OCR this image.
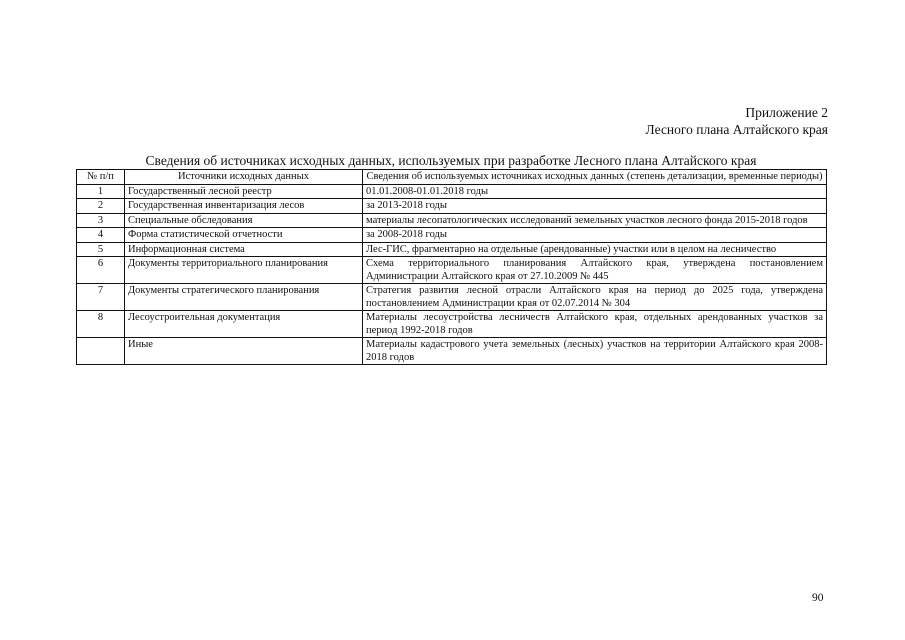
Приложение 2
Лесного плана Алтайского края
Сведения об источниках исходных данных, используемых при разработке Лесного плана Алтайского края
№ п/п	Источники исходных данных	Сведения об используемых источниках исходных данных (степень детализации, временные периоды)
1	Государственный лесной реестр	01.01.2008-01.01.2018 годы
2	Государственная инвентаризация лесов	за 2013-2018 годы
3	Специальные обследования	материалы лесопатологических исследований земельных участков лесного фонда 2015-2018 годов
4	Форма статистической отчетности	за 2008-2018 годы
5	Информационная система	Лес-ГИС, фрагментарно на отдельные (арендованные) участки или в целом на лесничество
6	Документы территориального планирования	Схема территориального планирования Алтайского края, утверждена постановлением Администрации Алтайского края от 27.10.2009 № 445
7	Документы стратегического планирования	Стратегия развития лесной отрасли Алтайского края на период до 2025 года, утверждена постановлением Администрации края от 02.07.2014 № 304
8	Лесоустроительная документация	Материалы лесоустройства лесничеств Алтайского края, отдельных арендованных участков за период 1992-2018 годов
	Иные	Материалы кадастрового учета земельных (лесных) участков на территории Алтайского края 2008-2018 годов
90
